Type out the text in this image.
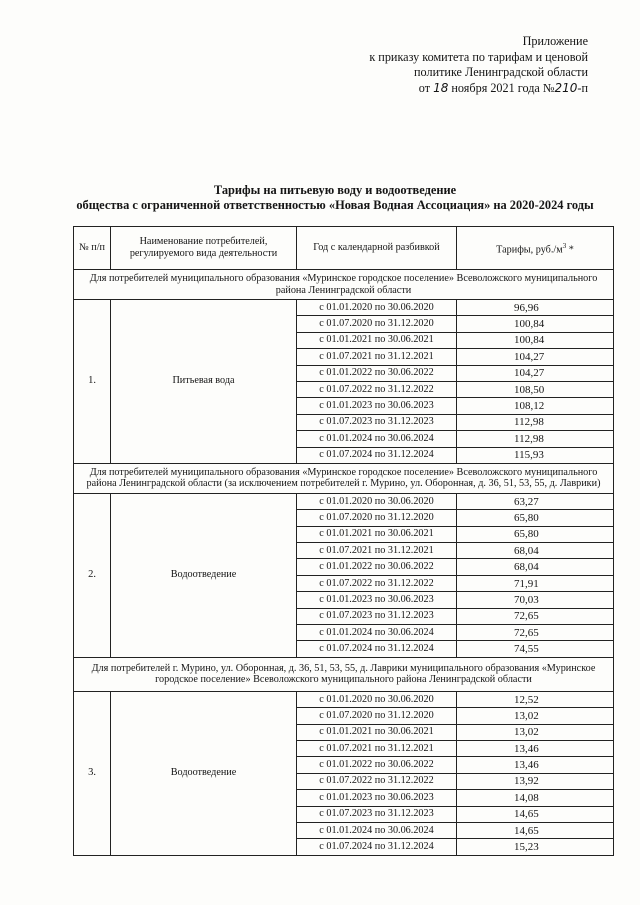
Приложение
к приказу комитета по тарифам и ценовой
политике Ленинградской области
от 18 ноября 2021 года №210-п
Тарифы на питьевую воду и водоотведение
общества с ограниченной ответственностью «Новая Водная Ассоциация» на 2020-2024 годы
№ п/п	Наименование потребителей, регулируемого вида деятельности	Год с календарной разбивкой	Тарифы, $руб./м^3$ *
Для потребителей муниципального образования «Муринское городское поселение» Всеволожского муниципального района Ленинградской области			
1.	Питьевая вода	с 01.01.2020 по 30.06.2020	96,96
		с 01.07.2020 по 31.12.2020	100,84
		с 01.01.2021 по 30.06.2021	100,84
		с 01.07.2021 по 31.12.2021	104,27
		с 01.01.2022 по 30.06.2022	104,27
		с 01.07.2022 по 31.12.2022	108,50
		с 01.01.2023 по 30.06.2023	108,12
		с 01.07.2023 по 31.12.2023	112,98
		с 01.01.2024 по 30.06.2024	112,98
		с 01.07.2024 по 31.12.2024	115,93
Для потребителей муниципального образования «Муринское городское поселение» Всеволожского муниципального района Ленинградской области (за исключением потребителей г. Мурино, ул. Оборонная, д. 36, 51, 53, 55, д. Лаврики)			
2.	Водоотведение	с 01.01.2020 по 30.06.2020	63,27
		с 01.07.2020 по 31.12.2020	65,80
		с 01.01.2021 по 30.06.2021	65,80
		с 01.07.2021 по 31.12.2021	68,04
		с 01.01.2022 по 30.06.2022	68,04
		с 01.07.2022 по 31.12.2022	71,91
		с 01.01.2023 по 30.06.2023	70,03
		с 01.07.2023 по 31.12.2023	72,65
		с 01.01.2024 по 30.06.2024	72,65
		с 01.07.2024 по 31.12.2024	74,55
Для потребителей г. Мурино, ул. Оборонная, д. 36, 51, 53, 55, д. Лаврики муниципального образования «Муринское городское поселение» Всеволожского муниципального района Ленинградской области			
3.	Водоотведение	с 01.01.2020 по 30.06.2020	12,52
		с 01.07.2020 по 31.12.2020	13,02
		с 01.01.2021 по 30.06.2021	13,02
		с 01.07.2021 по 31.12.2021	13,46
		с 01.01.2022 по 30.06.2022	13,46
		с 01.07.2022 по 31.12.2022	13,92
		с 01.01.2023 по 30.06.2023	14,08
		с 01.07.2023 по 31.12.2023	14,65
		с 01.01.2024 по 30.06.2024	14,65
		с 01.07.2024 по 31.12.2024	15,23
